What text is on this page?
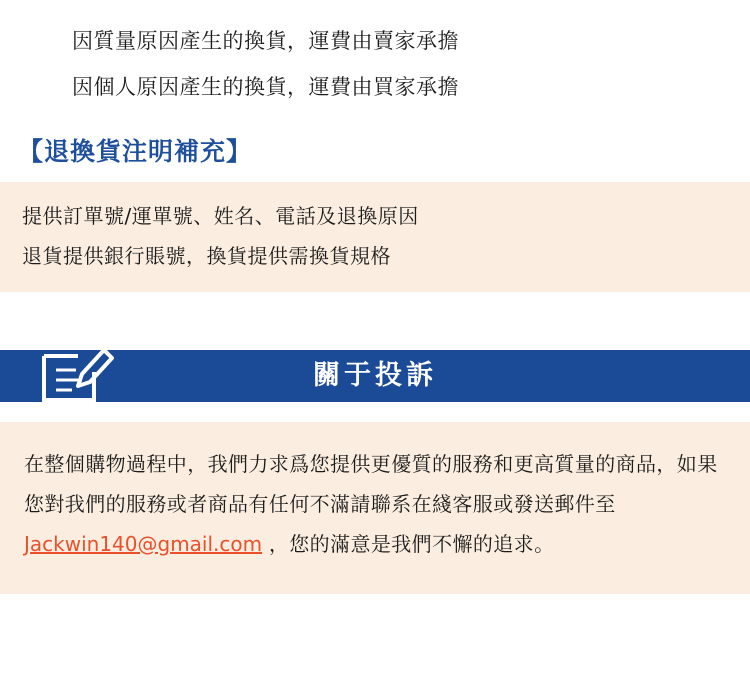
因質量原因產生的換貨，運費由賣家承擔
因個人原因產生的換貨，運費由買家承擔
【退換貨注明補充】
提供訂單號/運單號、姓名、電話及退換原因
退貨提供銀行賬號，換貨提供需換貨規格
關于投訴
在整個購物過程中，我們力求爲您提供更優質的服務和更高質量的商品，如果您對我們的服務或者商品有任何不滿請聯系在綫客服或發送郵件至 Jackwin140@gmail.com ，您的滿意是我們不懈的追求。
